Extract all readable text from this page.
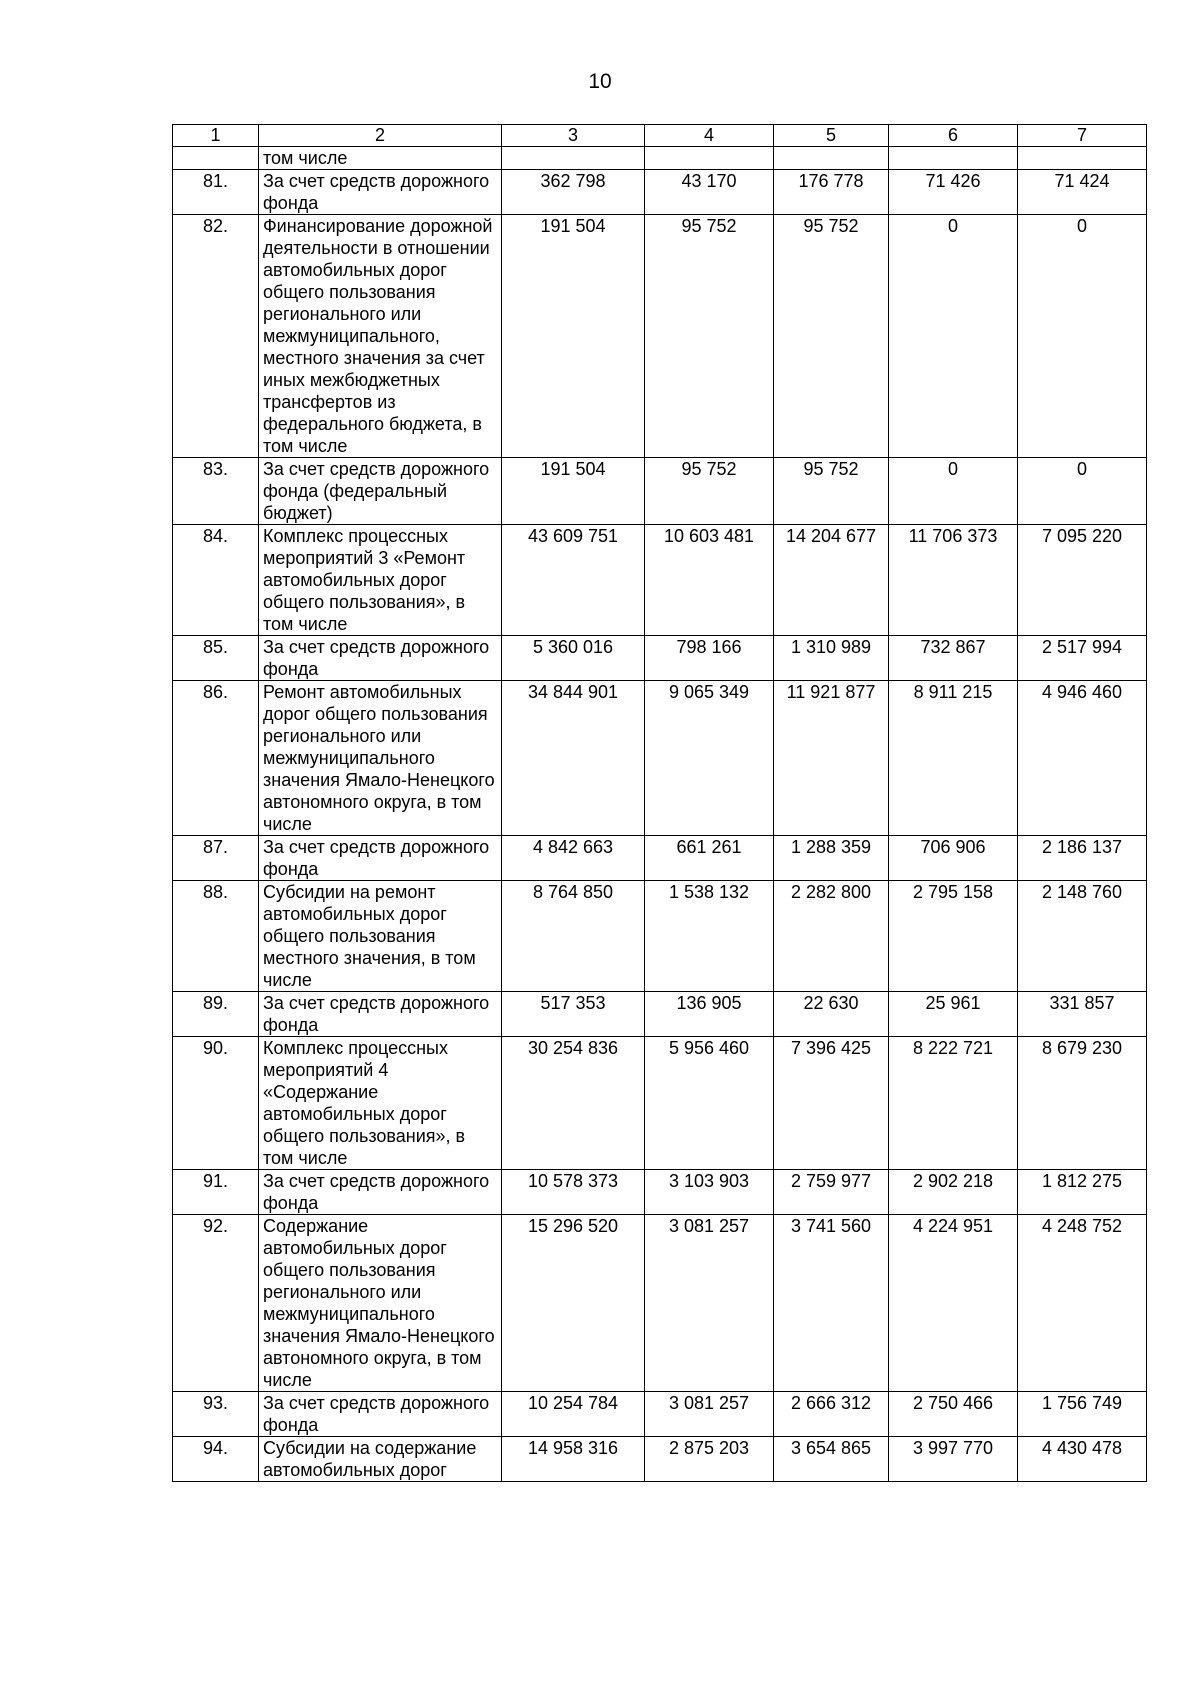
10
1	2	3	4	5	6	7
	том числе					
81.	За счет средств дорожного фонда	362 798	43 170	176 778	71 426	71 424
82.	Финансирование дорожной деятельности в отношении автомобильных дорог общего пользования регионального или межмуниципального, местного значения за счет иных межбюджетных трансфертов из федерального бюджета, в том числе	191 504	95 752	95 752	0	0
83.	За счет средств дорожного фонда (федеральный бюджет)	191 504	95 752	95 752	0	0
84.	Комплекс процессных мероприятий 3 «Ремонт автомобильных дорог общего пользования», в том числе	43 609 751	10 603 481	14 204 677	11 706 373	7 095 220
85.	За счет средств дорожного фонда	5 360 016	798 166	1 310 989	732 867	2 517 994
86.	Ремонт автомобильных дорог общего пользования регионального или межмуниципального значения Ямало-Ненецкого автономного округа, в том числе	34 844 901	9 065 349	11 921 877	8 911 215	4 946 460
87.	За счет средств дорожного фонда	4 842 663	661 261	1 288 359	706 906	2 186 137
88.	Субсидии на ремонт автомобильных дорог общего пользования местного значения, в том числе	8 764 850	1 538 132	2 282 800	2 795 158	2 148 760
89.	За счет средств дорожного фонда	517 353	136 905	22 630	25 961	331 857
90.	Комплекс процессных мероприятий 4 «Содержание автомобильных дорог общего пользования», в том числе	30 254 836	5 956 460	7 396 425	8 222 721	8 679 230
91.	За счет средств дорожного фонда	10 578 373	3 103 903	2 759 977	2 902 218	1 812 275
92.	Содержание автомобильных дорог общего пользования регионального или межмуниципального значения Ямало-Ненецкого автономного округа, в том числе	15 296 520	3 081 257	3 741 560	4 224 951	4 248 752
93.	За счет средств дорожного фонда	10 254 784	3 081 257	2 666 312	2 750 466	1 756 749
94.	Субсидии на содержание автомобильных дорог	14 958 316	2 875 203	3 654 865	3 997 770	4 430 478
